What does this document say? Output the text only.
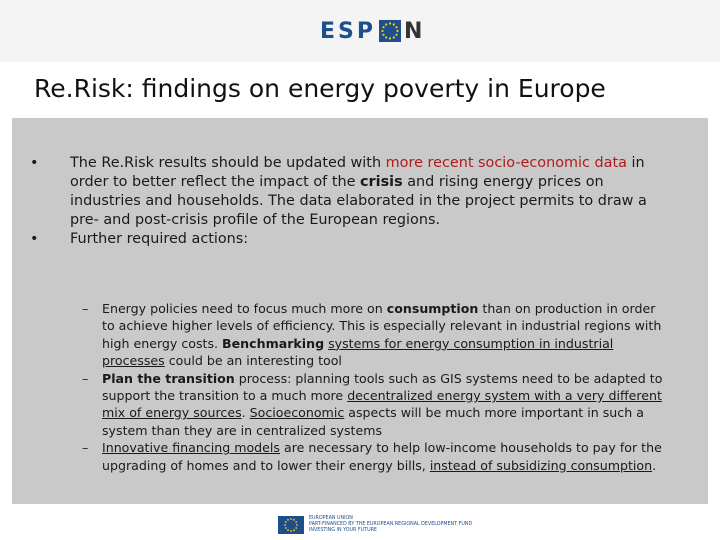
ESP N
Re.Risk: findings on energy poverty in Europe
• The Re.Risk results should be updated with more recent socio-economic data in order to better reflect the impact of the crisis and rising energy prices on industries and households. The data elaborated in the project permits to draw a pre- and post-crisis profile of the European regions.
• Further required actions:
– Energy policies need to focus much more on consumption than on production in order to achieve higher levels of efficiency. This is especially relevant in industrial regions with high energy costs. Benchmarking systems for energy consumption in industrial processes could be an interesting tool
– Plan the transition process: planning tools such as GIS systems need to be adapted to support the transition to a much more decentralized energy system with a very different mix of energy sources. Socioeconomic aspects will be much more important in such a system than they are in centralized systems
– Innovative financing models are necessary to help low-income households to pay for the upgrading of homes and to lower their energy bills, instead of subsidizing consumption.
EUROPEAN UNION
PART-FINANCED BY THE EUROPEAN REGIONAL DEVELOPMENT FUND
INVESTING IN YOUR FUTURE
